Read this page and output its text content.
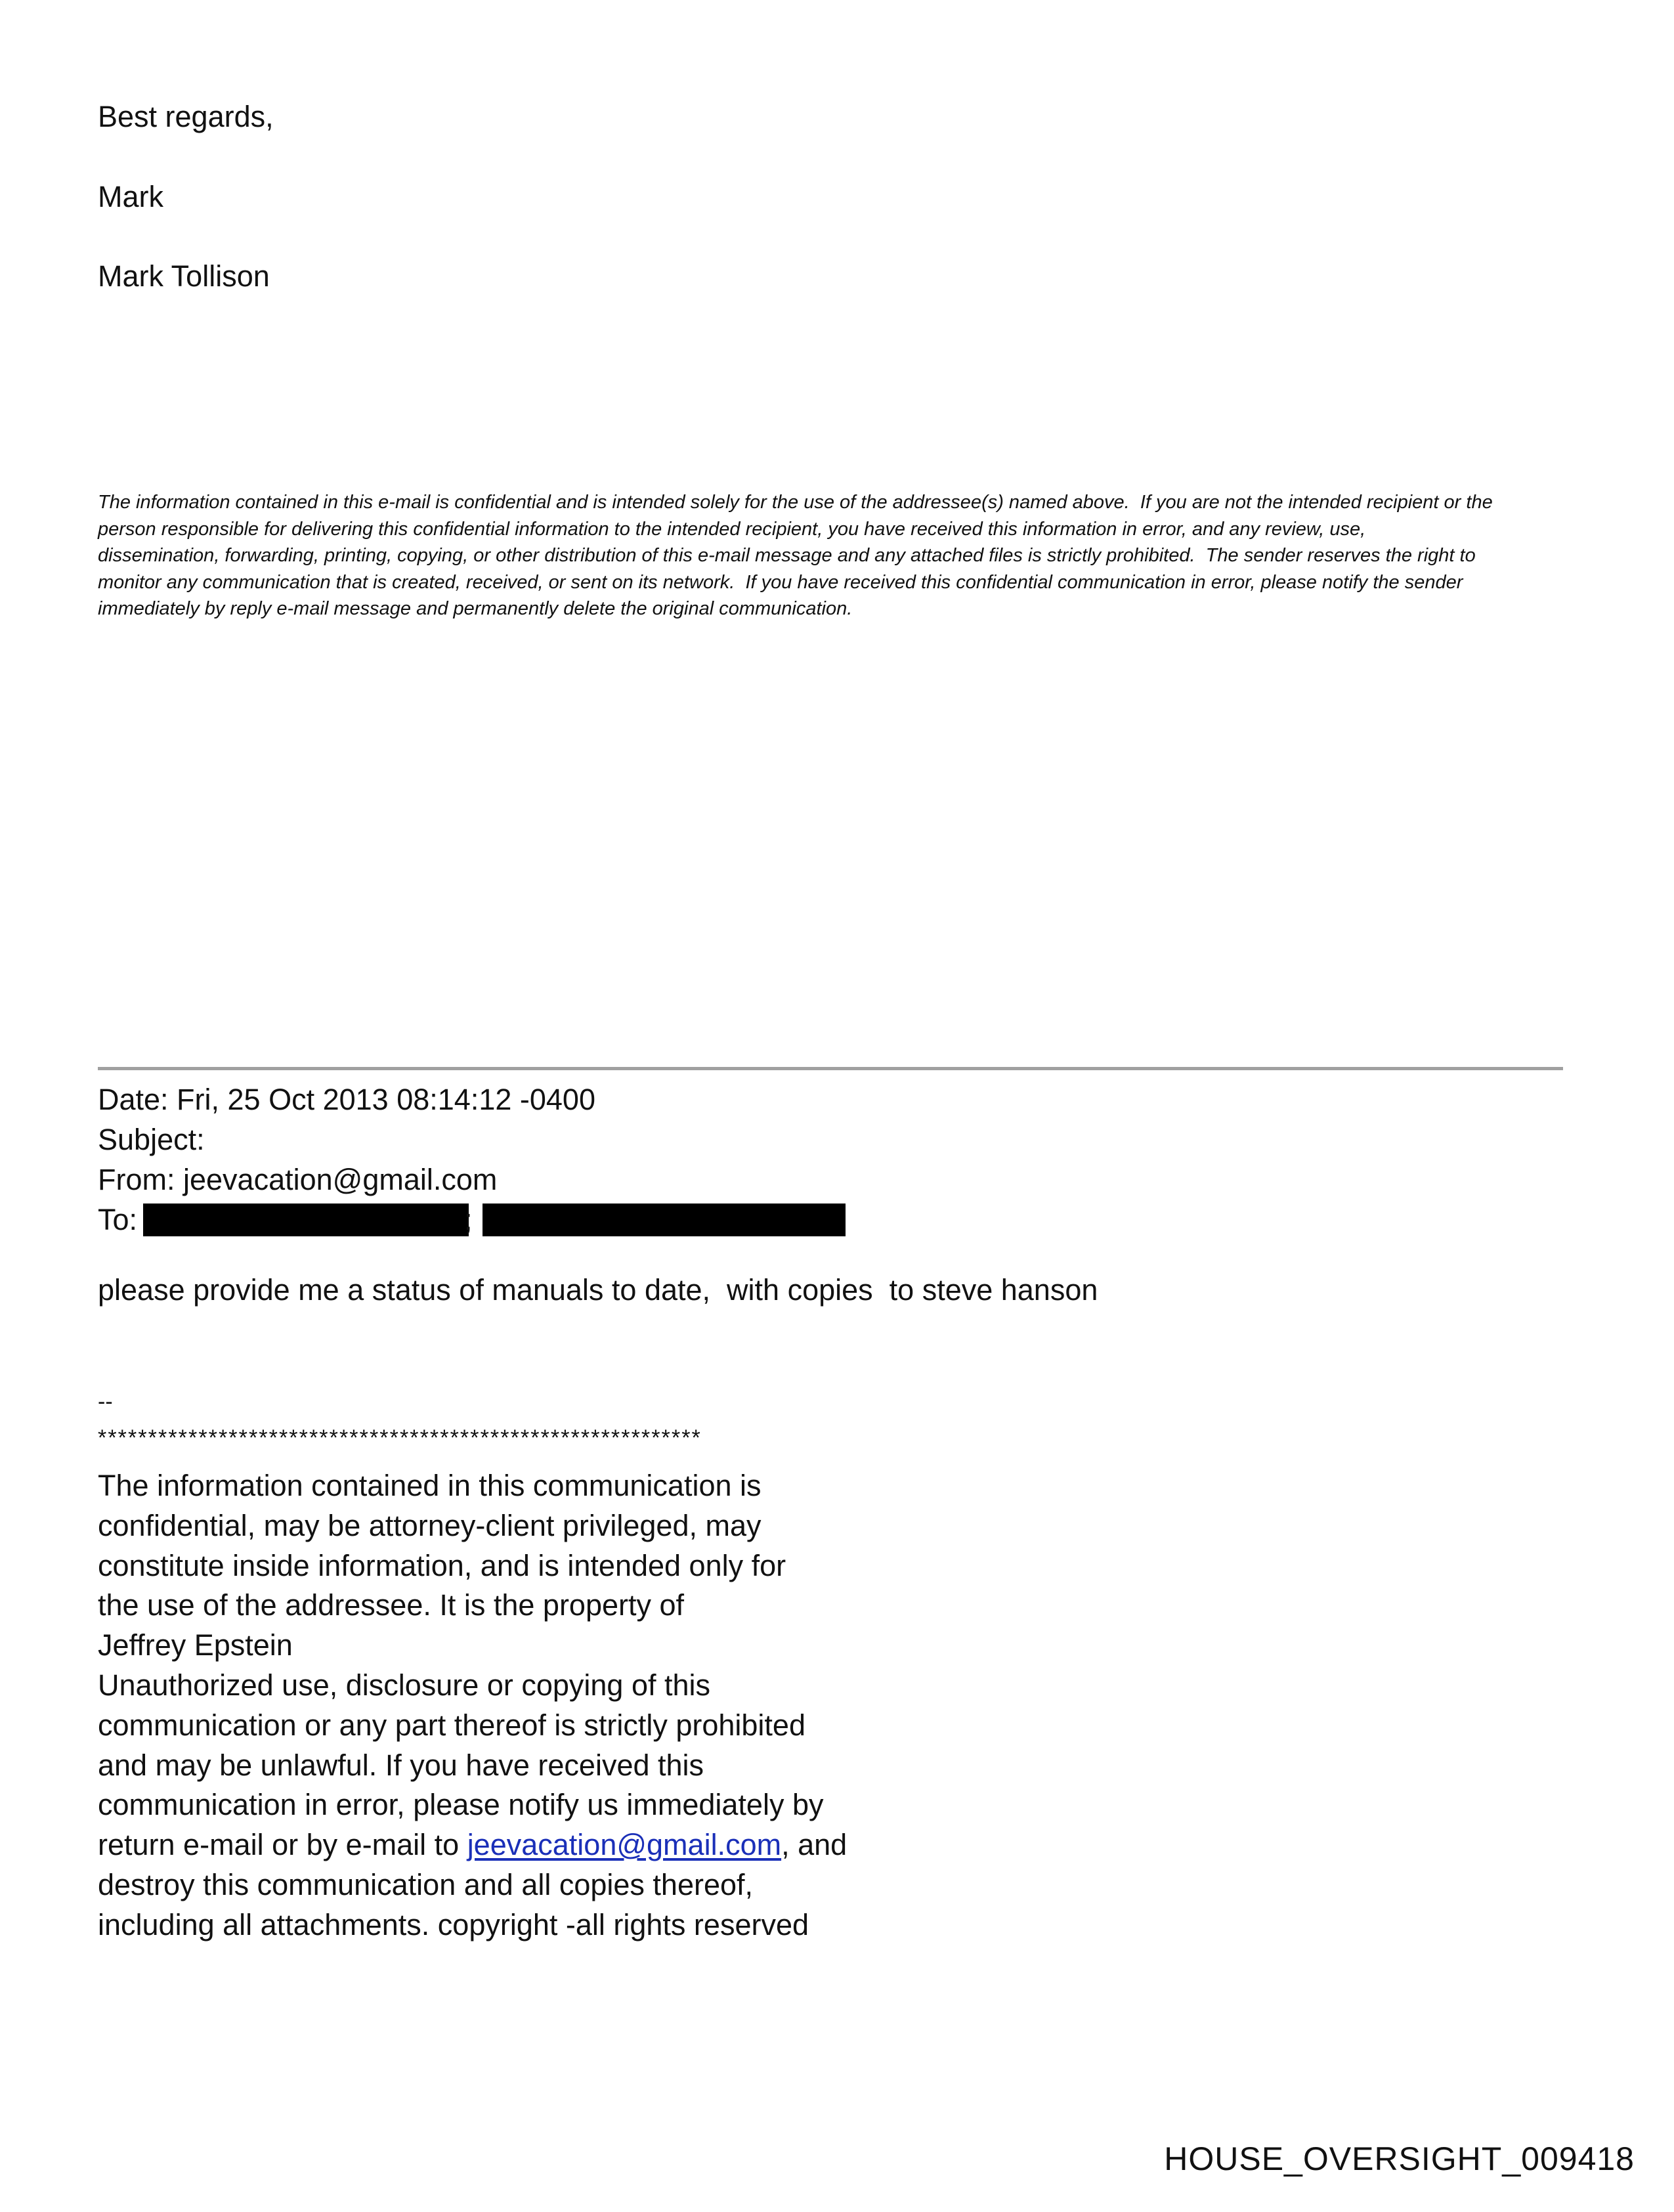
Best regards,
Mark
Mark Tollison
The information contained in this e-mail is confidential and is intended solely for the use of the addressee(s) named above.  If you are not the intended recipient or the
person responsible for delivering this confidential information to the intended recipient, you have received this information in error, and any review, use,
dissemination, forwarding, printing, copying, or other distribution of this e-mail message and any attached files is strictly prohibited.  The sender reserves the right to
monitor any communication that is created, received, or sent on its network.  If you have received this confidential communication in error, please notify the sender
immediately by reply e-mail message and permanently delete the original communication.
Date: Fri, 25 Oct 2013 08:14:12 -0400
Subject:
From: jeevacation@gmail.com
To:	;
please provide me a status of manuals to date,  with copies  to steve hanson
--
************************************************************
The information contained in this communication is
confidential, may be attorney-client privileged, may
constitute inside information, and is intended only for
the use of the addressee. It is the property of
Jeffrey Epstein
Unauthorized use, disclosure or copying of this
communication or any part thereof is strictly prohibited
and may be unlawful. If you have received this
communication in error, please notify us immediately by
return e-mail or by e-mail to jeevacation@gmail.com, and
destroy this communication and all copies thereof,
including all attachments. copyright -all rights reserved
HOUSE_OVERSIGHT_009418
